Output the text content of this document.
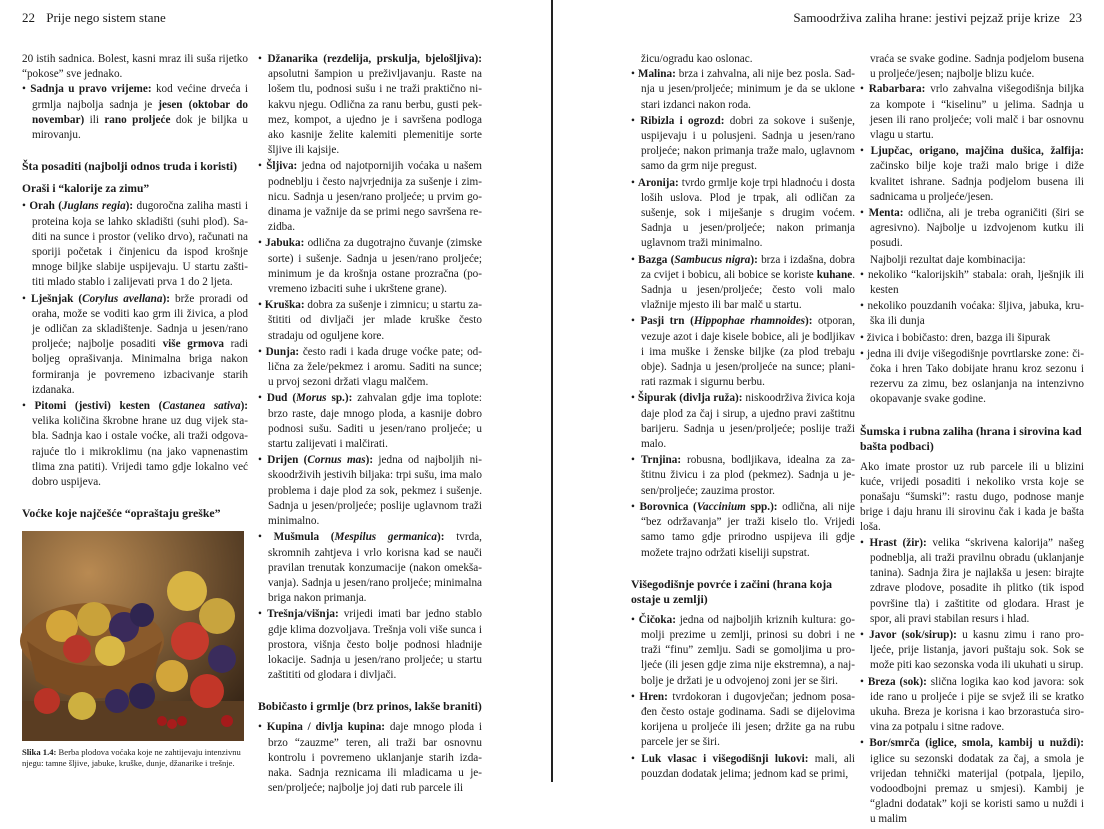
22 Prije nego sistem stane

20 istih sadnica. Bolest, kasni mraz ili suša rijetko “pokose” sve jednako.

• Sadnja u pravo vrijeme: kod većine drveća i grmlja najbolja sadnja je jesen (oktobar do novembar) ili rano proljeće dok je biljka u mirovanju.

Šta posaditi (najbolji odnos truda i koristi)
Oraši i “kalorije za zimu”

• Orah (Juglans regia): dugoročna zaliha masti i proteina koja se lahko skladišti (suhi plod). Saditi na sunce i prostor (veliko drvo), računati na sporiji početak i činjenicu da ispod krošnje mnoge biljke slabije uspijevaju. U startu zaštititi mlado stablo i zalijevati prva 1 do 2 ljeta.

• Lješnjak (Corylus avellana): brže proradi od oraha, može se voditi kao grm ili živica, a plod je odličan za skladištenje. Sadnja u jesen/rano proljeće; najbolje posaditi više grmova radi boljeg oprašivanja. Minimalna briga nakon formiranja je povremeno izbacivanje starih izdanaka.

• Pitomi (jestivi) kesten (Castanea sativa): velika količina škrobne hrane uz dug vijek stabla. Sadnja kao i ostale voćke, ali traži odgovarajuće tlo i mikroklimu (na jako vapnenastim tlima zna patiti). Vrijedi tamo gdje lokalno već dobro uspijeva.

Voćke koje najčešće “opraštaju greške”

Slika 1.4: Berba plodova voćaka koje ne zahtijevaju intenzivnu njegu: tamne šljive, jabuke, kruške, dunje, džanarike i trešnje.

• Džanarika (rezdelija, prskulja, bjelošljiva): apsolutni šampion u preživljavanju. Raste na lošem tlu, podnosi sušu i ne traži praktično nikakvu njegu. Odlična za ranu berbu, gusti pekmez, kompot, a ujedno je i savršena podloga ako kasnije želite kalemiti plemenitije sorte šljive ili kajsije.

• Šljiva: jedna od najotpornijih voćaka u našem podneblju i često najvrjednija za sušenje i zimnicu. Sadnja u jesen/rano proljeće; u prvim godinama je važnije da se primi nego savršena rezidba.

• Jabuka: odlična za dugotrajno čuvanje (zimske sorte) i sušenje. Sadnja u jesen/rano proljeće; minimum je da krošnja ostane prozračna (povremeno izbaciti suhe i ukrštene grane).

• Kruška: dobra za sušenje i zimnicu; u startu zaštititi od divljači jer mlade kruške često stradaju od oguljene kore.

• Dunja: često radi i kada druge voćke pate; odlična za žele/pekmez i aromu. Saditi na sunce; u prvoj sezoni držati vlagu malčem.

• Dud (Morus sp.): zahvalan gdje ima toplote: brzo raste, daje mnogo ploda, a kasnije dobro podnosi sušu. Saditi u jesen/rano proljeće; u startu zalijevati i malčirati.

• Drijen (Cornus mas): jedna od najboljih niskoodrživih jestivih biljaka: trpi sušu, ima malo problema i daje plod za sok, pekmez i sušenje. Sadnja u jesen/proljeće; poslije uglavnom traži minimalno.

• Mušmula (Mespilus germanica): tvrda, skromnih zahtjeva i vrlo korisna kad se nauči pravilan trenutak konzumacije (nakon omekšavanja). Sadnja u jesen/rano proljeće; minimalna briga nakon primanja.

• Trešnja/višnja: vrijedi imati bar jedno stablo gdje klima dozvoljava. Trešnja voli više sunca i prostora, višnja često bolje podnosi hladnije lokacije. Sadnja u jesen/rano proljeće; u startu zaštititi od glodara i divljači.

Bobičasto i grmlje (brz prinos, lakše braniti)

• Kupina / divlja kupina: daje mnogo ploda i brzo “zauzme” teren, ali traži bar osnovnu kontrolu i povremeno uklanjanje starih izdanaka. Sadnja reznicama ili mladicama u jesen/proljeće; najbolje joj dati rub parcele ili

Samoodrživa zaliha hrane: jestivi pejzaž prije krize 23

žicu/ogradu kao oslonac.

• Malina: brza i zahvalna, ali nije bez posla. Sadnja u jesen/proljeće; minimum je da se uklone stari izdanci nakon roda.

• Ribizla i ogrozd: dobri za sokove i sušenje, uspijevaju i u polusjeni. Sadnja u jesen/rano proljeće; nakon primanja traže malo, uglavnom samo da grm nije pregust.

• Aronija: tvrdo grmlje koje trpi hladnoću i dosta loših uslova. Plod je trpak, ali odličan za sušenje, sok i miješanje s drugim voćem. Sadnja u jesen/proljeće; nakon primanja uglavnom traži minimalno.

• Bazga (Sambucus nigra): brza i izdašna, dobra za cvijet i bobicu, ali bobice se koriste kuhane. Sadnja u jesen/proljeće; često voli malo vlažnije mjesto ili bar malč u startu.

• Pasji trn (Hippophae rhamnoides): otporan, vezuje azot i daje kisele bobice, ali je bodljikav i ima muške i ženske biljke (za plod trebaju obje). Sadnja u jesen/proljeće na sunce; planirati razmak i sigurnu berbu.

• Šipurak (divlja ruža): niskoodrživa živica koja daje plod za čaj i sirup, a ujedno pravi zaštitnu barijeru. Sadnja u jesen/proljeće; poslije traži malo.

• Trnjina: robusna, bodljikava, idealna za zaštitnu živicu i za plod (pekmez). Sadnja u jesen/proljeće; zauzima prostor.

• Borovnica (Vaccinium spp.): odlična, ali nije “bez održavanja” jer traži kiselo tlo. Vrijedi samo tamo gdje prirodno uspijeva ili gdje možete trajno održati kiseliji supstrat.

Višegodišnje povrće i začini (hrana koja ostaje u zemlji)

• Čičoka: jedna od najboljih kriznih kultura: gomolji prezime u zemlji, prinosi su dobri i ne traži “finu” zemlju. Sadi se gomoljima u proljeće (ili jesen gdje zima nije ekstremna), a najbolje je držati je u odvojenoj zoni jer se širi.

• Hren: tvrdokoran i dugovječan; jednom posađen često ostaje godinama. Sadi se dijelovima korijena u proljeće ili jesen; držite ga na rubu parcele jer se širi.

• Luk vlasac i višegodišnji lukovi: mali, ali pouzdan dodatak jelima; jednom kad se primi,

vraća se svake godine. Sadnja podjelom busena u proljeće/jesen; najbolje blizu kuće.

• Rabarbara: vrlo zahvalna višegodišnja biljka za kompote i “kiselinu” u jelima. Sadnja u jesen ili rano proljeće; voli malč i bar osnovnu vlagu u startu.

• Ljupčac, origano, majčina dušica, žalfija: začinsko bilje koje traži malo brige i diže kvalitet ishrane. Sadnja podjelom busena ili sadnicama u proljeće/jesen.

• Menta: odlična, ali je treba ograničiti (širi se agresivno). Najbolje u izdvojenom kutku ili posudi.

Najbolji rezultat daje kombinacija:

• nekoliko “kalorijskih” stabala: orah, lješnjik ili kesten

• nekoliko pouzdanih voćaka: šljiva, jabuka, kruška ili dunja

• živica i bobičasto: dren, bazga ili šipurak

• jedna ili dvije višegodišnje povrtlarske zone: čičoka i hren Tako dobijate hranu kroz sezonu i rezervu za zimu, bez oslanjanja na intenzivno okopavanje svake godine.

Šumska i rubna zaliha (hrana i sirovina kad bašta podbaci)

Ako imate prostor uz rub parcele ili u blizini kuće, vrijedi posaditi i nekoliko vrsta koje se ponašaju “šumski”: rastu dugo, podnose manje brige i daju hranu ili sirovinu čak i kada je bašta loša.

• Hrast (žir): velika “skrivena kalorija” našeg podneblja, ali traži pravilnu obradu (uklanjanje tanina). Sadnja žira je najlakša u jesen: birajte zdrave plodove, posadite ih plitko (tik ispod površine tla) i zaštitite od glodara. Hrast je spor, ali pravi stabilan resurs i hlad.

• Javor (sok/sirup): u kasnu zimu i rano proljeće, prije listanja, javori puštaju sok. Sok se može piti kao sezonska voda ili ukuhati u sirup.

• Breza (sok): slična logika kao kod javora: sok ide rano u proljeće i pije se svjež ili se kratko ukuha. Breza je korisna i kao brzorastuća sirovina za potpalu i sitne radove.

• Bor/smrča (iglice, smola, kambij u nuždi): iglice su sezonski dodatak za čaj, a smola je vrijedan tehnički materijal (potpala, ljepilo, vodoodbojni premaz u smjesi). Kambij je “gladni dodatak” koji se koristi samo u nuždi i u malim
